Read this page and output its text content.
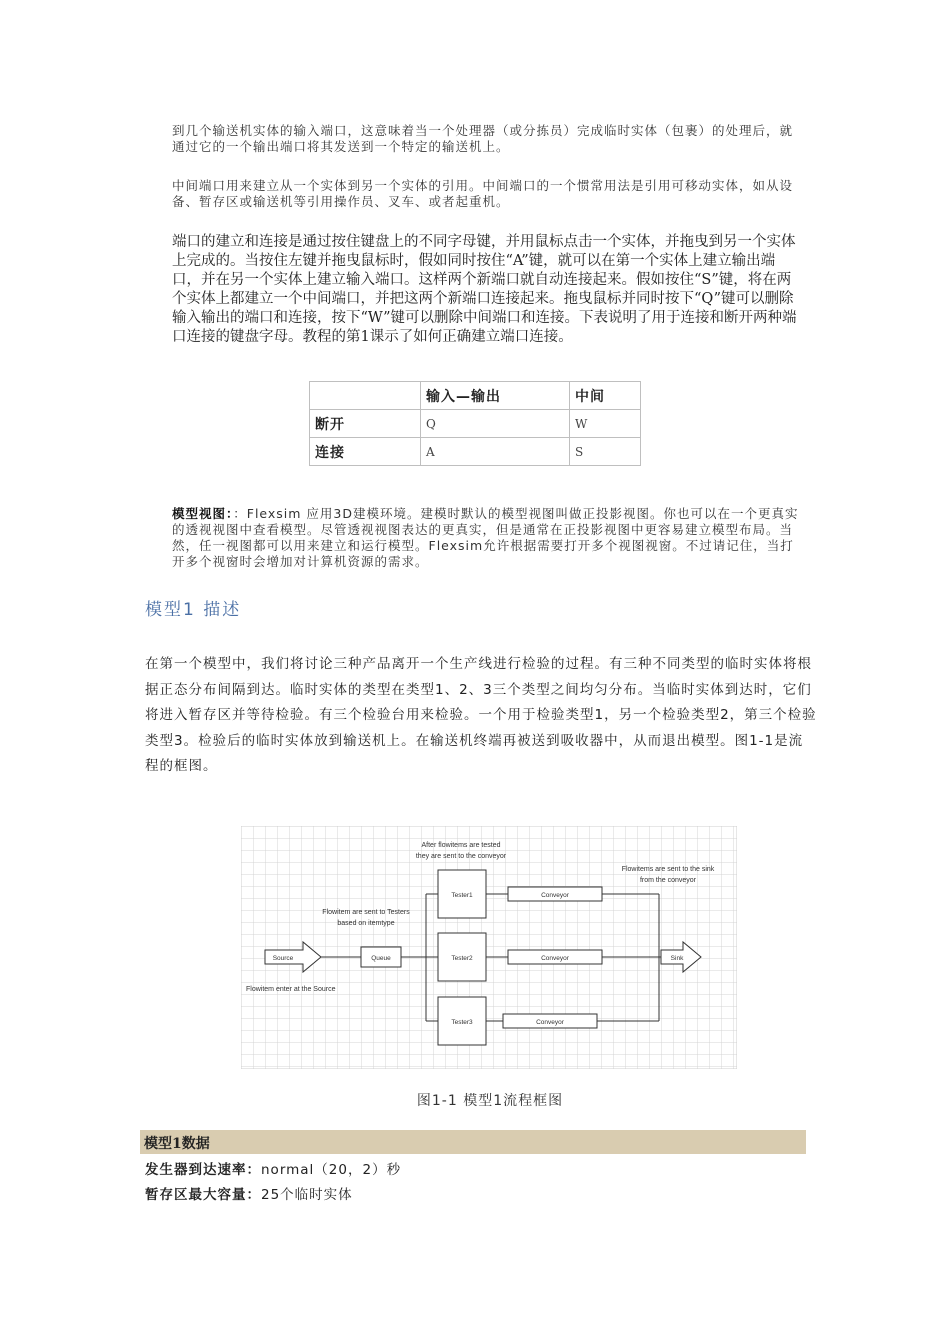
到几个输送机实体的输入端口，这意味着当一个处理器（或分拣员）完成临时实体（包裹）的处理后，就通过它的一个输出端口将其发送到一个特定的输送机上。

中间端口用来建立从一个实体到另一个实体的引用。中间端口的一个惯常用法是引用可移动实体，如从设备、暂存区或输送机等引用操作员、叉车、或者起重机。

端口的建立和连接是通过按住键盘上的不同字母键，并用鼠标点击一个实体，并拖曳到另一个实体上完成的。当按住左键并拖曳鼠标时，假如同时按住“A”键，就可以在第一个实体上建立输出端口，并在另一个实体上建立输入端口。这样两个新端口就自动连接起来。假如按住“S”键，将在两个实体上都建立一个中间端口，并把这两个新端口连接起来。拖曳鼠标并同时按下“Q”键可以删除输入输出的端口和连接，按下“W”键可以删除中间端口和连接。下表说明了用于连接和断开两种端口连接的键盘字母。教程的第1课示了如何正确建立端口连接。

	输入—输出	中间
断开	Q	W
连接	A	S

模型视图：：Flexsim 应用3D建模环境。建模时默认的模型视图叫做正投影视图。你也可以在一个更真实的透视视图中查看模型。尽管透视视图表达的更真实，但是通常在正投影视图中更容易建立模型布局。当然，任一视图都可以用来建立和运行模型。Flexsim允许根据需要打开多个视图视窗。不过请记住，当打开多个视窗时会增加对计算机资源的需求。

模型1 描述

在第一个模型中，我们将讨论三种产品离开一个生产线进行检验的过程。有三种不同类型的临时实体将根据正态分布间隔到达。临时实体的类型在类型1、2、3三个类型之间均匀分布。当临时实体到达时，它们将进入暂存区并等待检验。有三个检验台用来检验。一个用于检验类型1，另一个检验类型2，第三个检验类型3。检验后的临时实体放到输送机上。在输送机终端再被送到吸收器中，从而退出模型。图1-1是流程的框图。

Source	Queue
Tester1
Tester2
Tester3
Conveyor
Conveyor
Conveyor
Sink
After flowitems are tested
they are sent to the conveyor
Flowitems are sent to the sink
from the conveyor
Flowitem are sent to Testers
based on itemtype
Flowitem enter at the Source
图1-1 模型1流程框图
模型1数据
发生器到达速率：normal（20，2）秒
暂存区最大容量：25个临时实体
